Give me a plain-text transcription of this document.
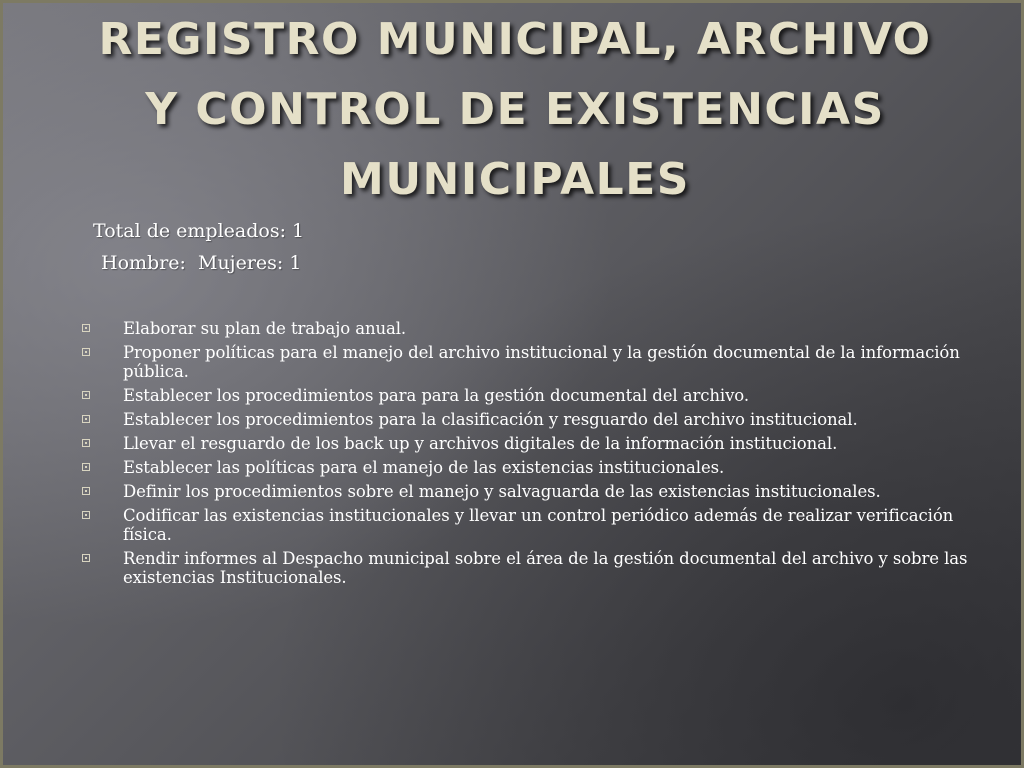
REGISTRO MUNICIPAL, ARCHIVO
Y CONTROL DE EXISTENCIAS
MUNICIPALES
Total de empleados: 1
Hombre:  Mujeres: 1
Elaborar su plan de trabajo anual.
Proponer políticas para el manejo del archivo institucional y la gestión documental de la información pública.
Establecer los procedimientos para para la gestión documental del archivo.
Establecer los procedimientos para la clasificación y resguardo del archivo institucional.
Llevar el resguardo de los back up y archivos digitales de la información institucional.
Establecer las políticas para el manejo de las existencias institucionales.
Definir los procedimientos sobre el manejo y salvaguarda de las existencias institucionales.
Codificar las existencias institucionales y llevar un control periódico además de realizar verificación física.
Rendir informes al Despacho municipal sobre el área de la gestión documental del archivo y sobre las existencias Institucionales.
